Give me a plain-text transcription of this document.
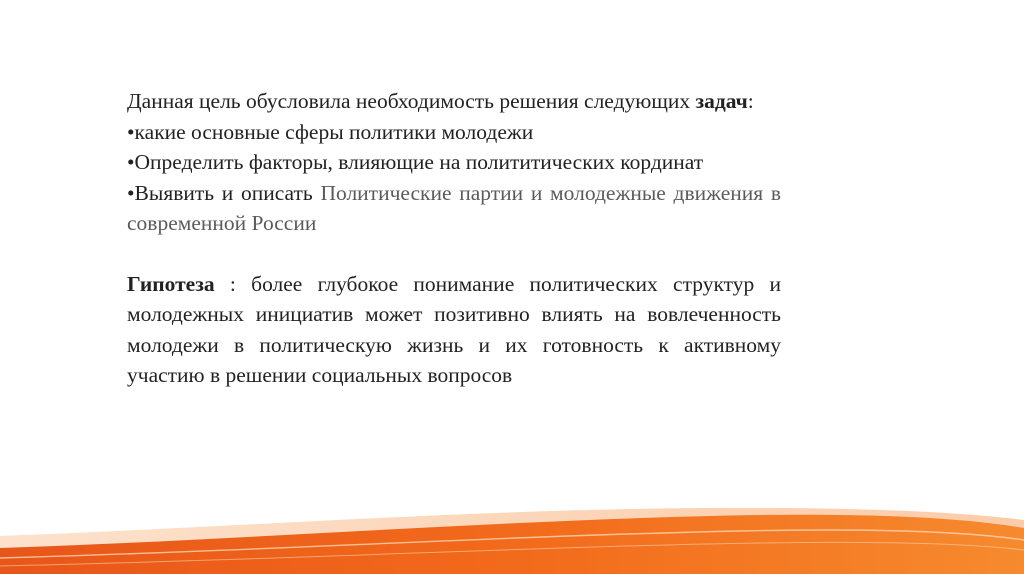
Данная цель обусловила необходимость решения следующих задач:

•какие основные сферы политики молодежи

•Определить факторы, влияющие на полититических кординат

•Выявить и описать Политические партии и молодежные движения в современной России

Гипотеза : более глубокое понимание политических структур и молодежных инициатив может позитивно влиять на вовлеченность молодежи в политическую жизнь и их готовность к активному участию в решении социальных вопросов
